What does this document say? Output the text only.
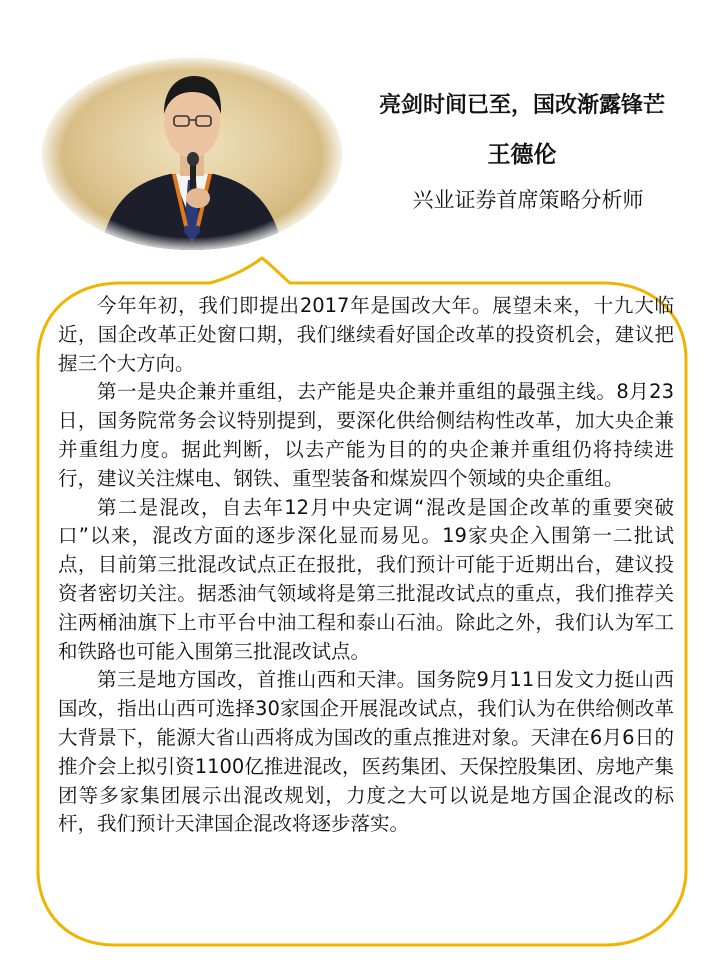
亮剑时间已至，国改渐露锋芒
王德伦
兴业证券首席策略分析师

今年年初，我们即提出2017年是国改大年。展望未来，十九大临近，国企改革正处窗口期，我们继续看好国企改革的投资机会，建议把握三个大方向。

第一是央企兼并重组，去产能是央企兼并重组的最强主线。8月23日，国务院常务会议特别提到，要深化供给侧结构性改革，加大央企兼并重组力度。据此判断，以去产能为目的的央企兼并重组仍将持续进行，建议关注煤电、钢铁、重型装备和煤炭四个领域的央企重组。

第二是混改，自去年12月中央定调“混改是国企改革的重要突破口”以来，混改方面的逐步深化显而易见。19家央企入围第一二批试点，目前第三批混改试点正在报批，我们预计可能于近期出台，建议投资者密切关注。据悉油气领域将是第三批混改试点的重点，我们推荐关注两桶油旗下上市平台中油工程和泰山石油。除此之外，我们认为军工和铁路也可能入围第三批混改试点。

第三是地方国改，首推山西和天津。国务院9月11日发文力挺山西国改，指出山西可选择30家国企开展混改试点，我们认为在供给侧改革大背景下，能源大省山西将成为国改的重点推进对象。天津在6月6日的推介会上拟引资1100亿推进混改，医药集团、天保控股集团、房地产集团等多家集团展示出混改规划，力度之大可以说是地方国企混改的标杆，我们预计天津国企混改将逐步落实。
